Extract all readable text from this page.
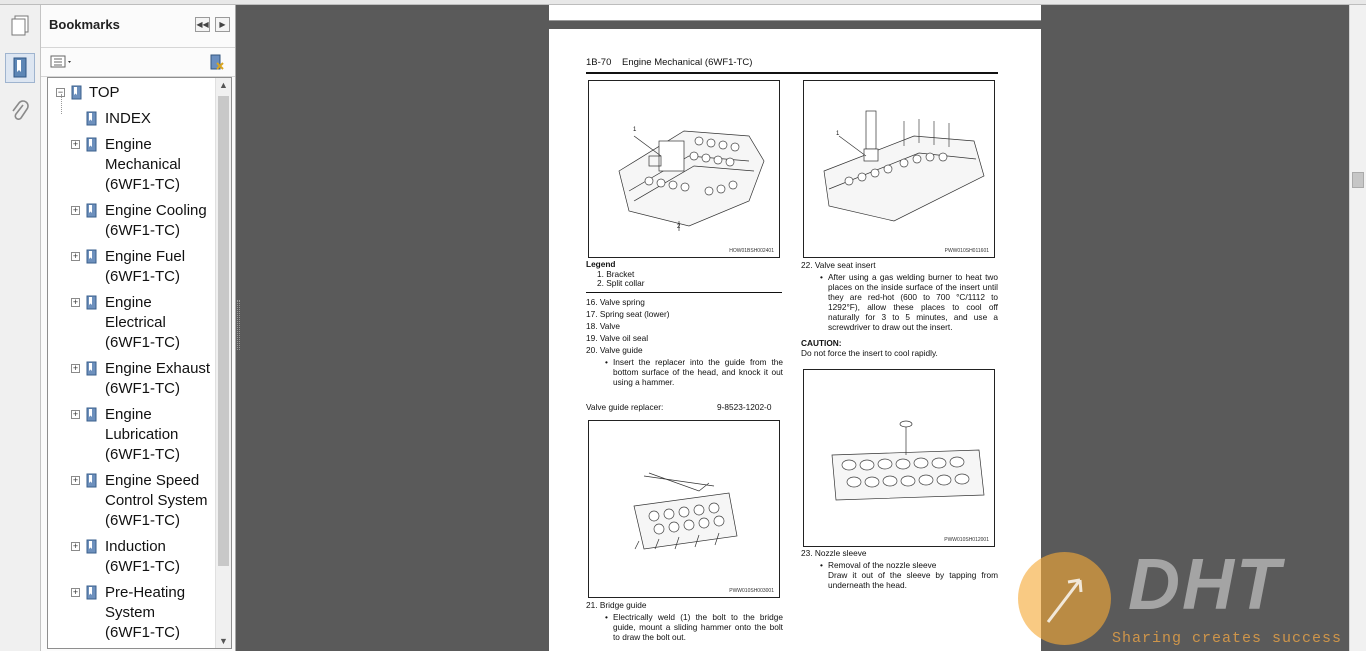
Bookmarks	◀◀	▶
− TOP
INDEX
+ Engine
Mechanical
(6WF1-TC)
+ Engine Cooling
(6WF1-TC)
+ Engine Fuel
(6WF1-TC)
+ Engine
Electrical
(6WF1-TC)
+ Engine Exhaust
(6WF1-TC)
+ Engine
Lubrication
(6WF1-TC)
+ Engine Speed
Control System
(6WF1-TC)
+ Induction
(6WF1-TC)
+ Pre-Heating
System
(6WF1-TC)
▲
▼
1B-70 Engine Mechanical (6WF1-TC)
1
2
HOW01BSH002401
Legend
1. Bracket
2. Split collar
16. Valve spring
17. Spring seat (lower)
18. Valve
19. Valve oil seal
20. Valve guide
• Insert the replacer into the guide from the bottom surface of the head, and knock it out using a hammer.
Valve guide replacer:	9-8523-1202-0
PWW010SH003001
21. Bridge guide
• Electrically weld (1) the bolt to the bridge guide, mount a sliding hammer onto the bolt to draw the bolt out.
1
PWW010SH011601
22. Valve seat insert
• After using a gas welding burner to heat two places on the inside surface of the insert until they are red-hot (600 to 700 °C/1112 to 1292°F), allow these places to cool off naturally for 3 to 5 minutes, and use a screwdriver to draw out the insert.
CAUTION:
Do not force the insert to cool rapidly.
PWW010SH012001
23. Nozzle sleeve
• Removal of the nozzle sleeve
Draw it out of the sleeve by tapping from underneath the head.	DHT
Sharing creates success
